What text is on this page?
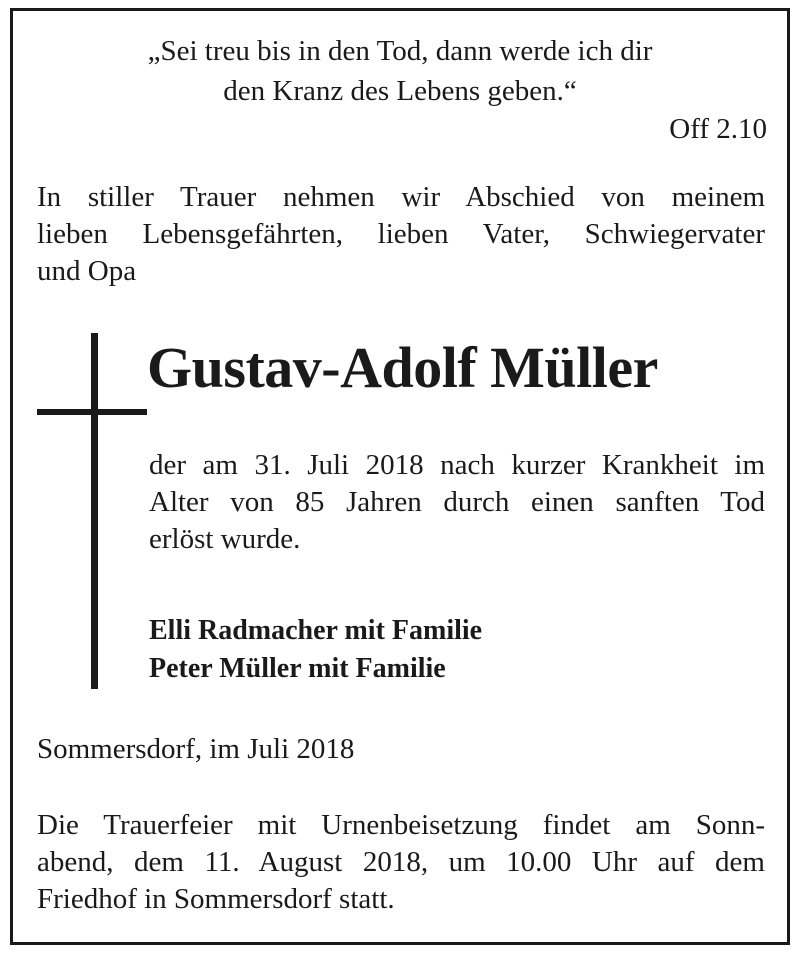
„Sei treu bis in den Tod, dann werde ich dir

den Kranz des Lebens geben.“

Off 2.10

In stiller Trauer nehmen wir Abschied von meinem
lieben Lebensgefährten, lieben Vater, Schwiegervater
und Opa
Gustav-Adolf Müller
der am 31. Juli 2018 nach kurzer Krankheit im
Alter von 85 Jahren durch einen sanften Tod
erlöst wurde.

Elli Radmacher mit Familie

Peter Müller mit Familie

Sommersdorf, im Juli 2018

Die Trauerfeier mit Urnenbeisetzung findet am Sonn-
abend, dem 11. August 2018, um 10.00 Uhr auf dem
Friedhof in Sommersdorf statt.
